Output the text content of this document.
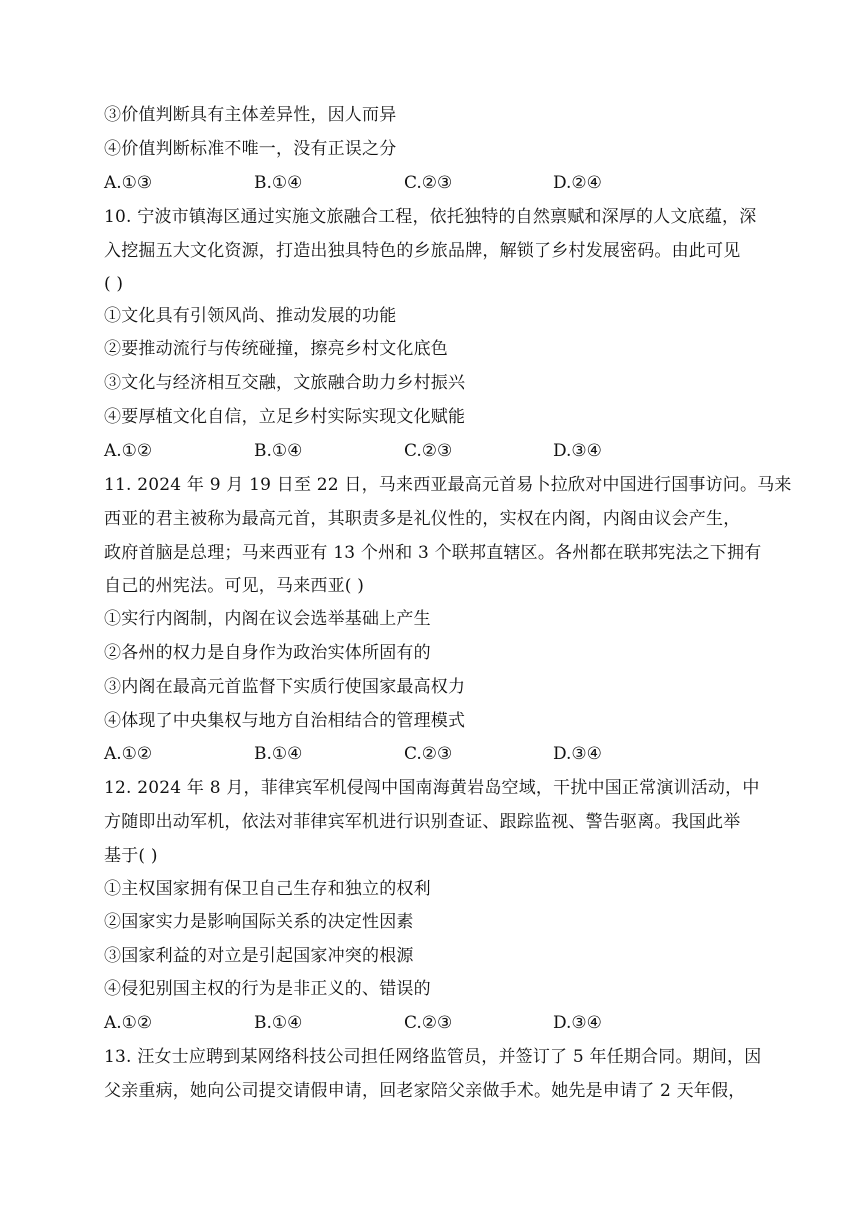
③价值判断具有主体差异性，因人而异
④价值判断标准不唯一，没有正误之分
A.①③	B.①④	C.②③	D.②④
10. 宁波市镇海区通过实施文旅融合工程，依托独特的自然禀赋和深厚的人文底蕴，深
入挖掘五大文化资源，打造出独具特色的乡旅品牌，解锁了乡村发展密码。由此可见
( )
①文化具有引领风尚、推动发展的功能
②要推动流行与传统碰撞，擦亮乡村文化底色
③文化与经济相互交融，文旅融合助力乡村振兴
④要厚植文化自信，立足乡村实际实现文化赋能
A.①②	B.①④	C.②③	D.③④
11. 2024 年 9 月 19 日至 22 日，马来西亚最高元首易卜拉欣对中国进行国事访问。马来
西亚的君主被称为最高元首，其职责多是礼仪性的，实权在内阁，内阁由议会产生，
政府首脑是总理；马来西亚有 13 个州和 3 个联邦直辖区。各州都在联邦宪法之下拥有
自己的州宪法。可见，马来西亚( )
①实行内阁制，内阁在议会选举基础上产生
②各州的权力是自身作为政治实体所固有的
③内阁在最高元首监督下实质行使国家最高权力
④体现了中央集权与地方自治相结合的管理模式
A.①②	B.①④	C.②③	D.③④
12. 2024 年 8 月，菲律宾军机侵闯中国南海黄岩岛空域，干扰中国正常演训活动，中
方随即出动军机，依法对菲律宾军机进行识别查证、跟踪监视、警告驱离。我国此举
基于( )
①主权国家拥有保卫自己生存和独立的权利
②国家实力是影响国际关系的决定性因素
③国家利益的对立是引起国家冲突的根源
④侵犯别国主权的行为是非正义的、错误的
A.①②	B.①④	C.②③	D.③④
13. 汪女士应聘到某网络科技公司担任网络监管员，并签订了 5 年任期合同。期间，因
父亲重病，她向公司提交请假申请，回老家陪父亲做手术。她先是申请了 2 天年假，
